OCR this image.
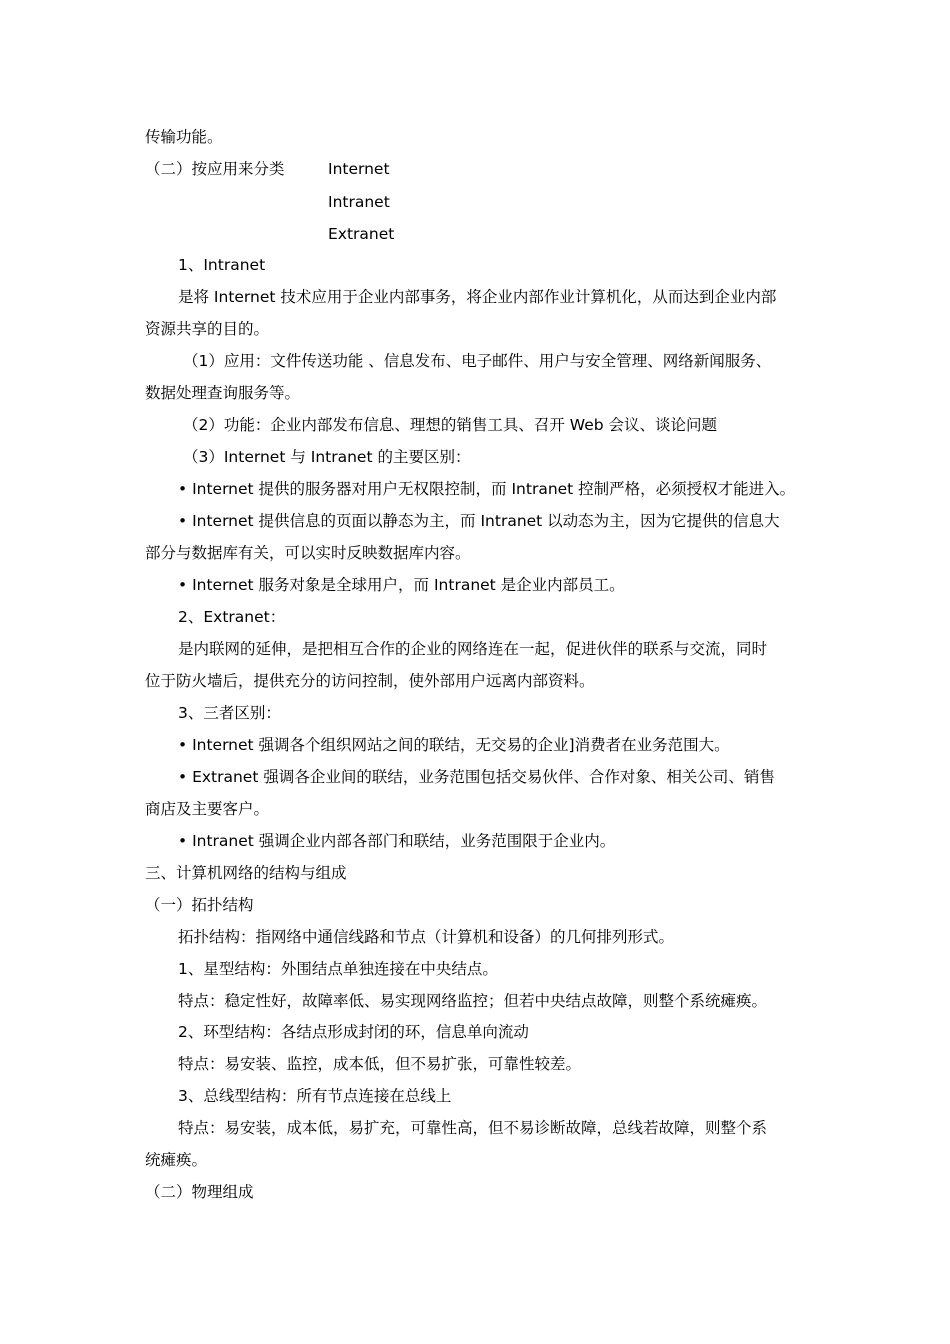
传输功能。
（二）按应用来分类	Internet
Intranet
Extranet
1、Intranet
是将 Internet 技术应用于企业内部事务，将企业内部作业计算机化，从而达到企业内部
资源共享的目的。
（1）应用：文件传送功能 、信息发布、电子邮件、用户与安全管理、网络新闻服务、
数据处理查询服务等。
（2）功能：企业内部发布信息、理想的销售工具、召开 Web 会议、谈论问题
（3）Internet 与 Intranet 的主要区别：
• Internet 提供的服务器对用户无权限控制，而 Intranet 控制严格，必须授权才能进入。
• Internet 提供信息的页面以静态为主，而 Intranet 以动态为主，因为它提供的信息大
部分与数据库有关，可以实时反映数据库内容。
• Internet 服务对象是全球用户，而 Intranet 是企业内部员工。
2、Extranet：
是内联网的延伸，是把相互合作的企业的网络连在一起，促进伙伴的联系与交流，同时
位于防火墙后，提供充分的访问控制，使外部用户远离内部资料。
3、三者区别：
• Internet 强调各个组织网站之间的联结，无交易的企业]消费者在业务范围大。
• Extranet 强调各企业间的联结，业务范围包括交易伙伴、合作对象、相关公司、销售
商店及主要客户。
• Intranet 强调企业内部各部门和联结，业务范围限于企业内。
三、计算机网络的结构与组成
（一）拓扑结构
拓扑结构：指网络中通信线路和节点（计算机和设备）的几何排列形式。
1、星型结构：外围结点单独连接在中央结点。
特点：稳定性好，故障率低、易实现网络监控；但若中央结点故障，则整个系统瘫痪。
2、环型结构：各结点形成封闭的环，信息单向流动
特点：易安装、监控，成本低，但不易扩张，可靠性较差。
3、总线型结构：所有节点连接在总线上
特点：易安装，成本低，易扩充，可靠性高，但不易诊断故障，总线若故障，则整个系
统瘫痪。
（二）物理组成
